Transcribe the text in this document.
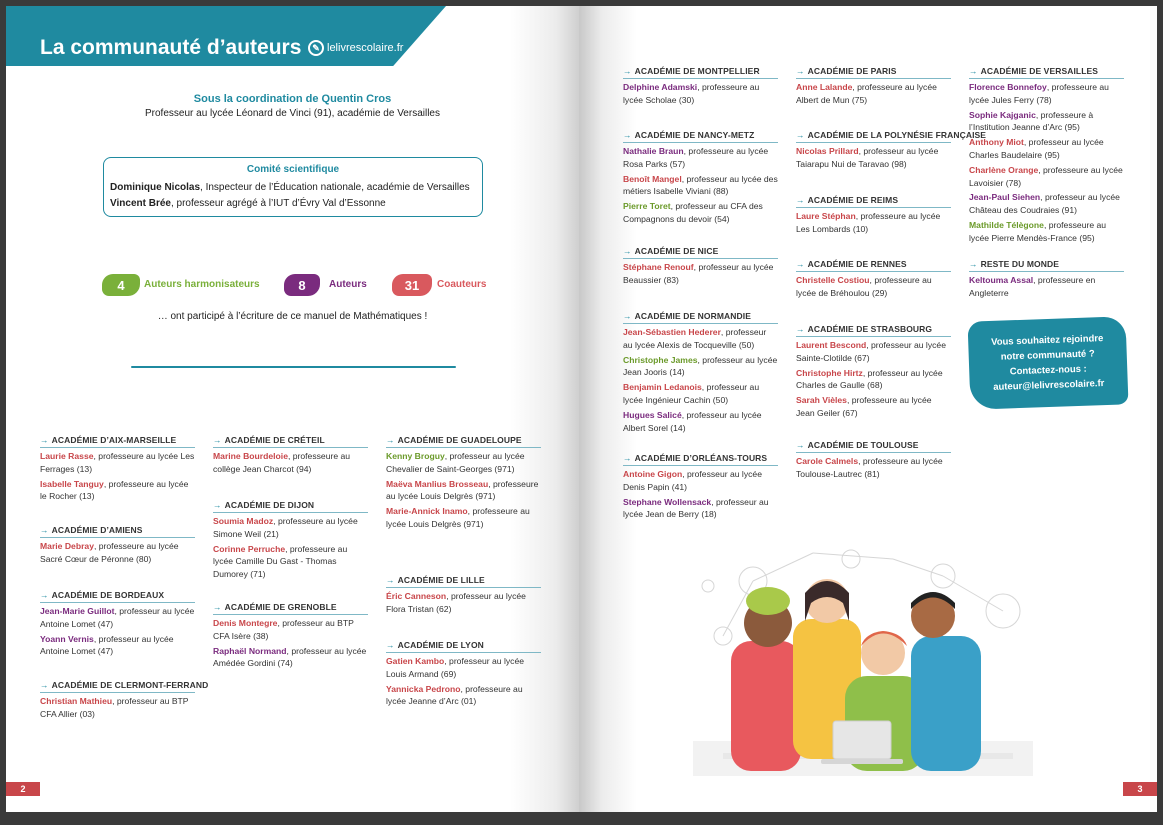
La communauté d’auteurs	✎ lelivrescolaire.fr
Sous la coordination de Quentin Cros
Professeur au lycée Léonard de Vinci (91), académie de Versailles
Comité scientifique
Dominique Nicolas, Inspecteur de l’Éducation nationale, académie de Versailles
Vincent Brée, professeur agrégé à l’IUT d’Évry Val d’Essonne
4	Auteurs harmonisateurs	8	Auteurs	31	Coauteurs
… ont participé à l’écriture de ce manuel de Mathématiques !
→ ACADÉMIE D’AIX-MARSEILLE
Laurie Rasse, professeure au lycée Les Ferrages (13)
Isabelle Tanguy, professeure au lycée le Rocher (13)
→ ACADÉMIE D’AMIENS
Marie Debray, professeure au lycée Sacré Cœur de Péronne (80)
→ ACADÉMIE DE BORDEAUX
Jean-Marie Guillot, professeur au lycée Antoine Lomet (47)
Yoann Vernis, professeur au lycée Antoine Lomet (47)
→ ACADÉMIE DE CLERMONT-FERRAND
Christian Mathieu, professeur au BTP CFA Allier (03)
→ ACADÉMIE DE CRÉTEIL
Marine Bourdeloie, professeure au collège Jean Charcot (94)
→ ACADÉMIE DE DIJON
Soumia Madoz, professeure au lycée Simone Weil (21)
Corinne Perruche, professeure au lycée Camille Du Gast - Thomas Dumorey (71)
→ ACADÉMIE DE GRENOBLE
Denis Montegre, professeur au BTP CFA Isère (38)
Raphaël Normand, professeur au lycée Amédée Gordini (74)
→ ACADÉMIE DE GUADELOUPE
Kenny Broguy, professeur au lycée Chevalier de Saint-Georges (971)
Maëva Manlius Brosseau, professeure au lycée Louis Delgrès (971)
Marie-Annick Inamo, professeure au lycée Louis Delgrès (971)
→ ACADÉMIE DE LILLE
Éric Canneson, professeur au lycée Flora Tristan (62)
→ ACADÉMIE DE LYON
Gatien Kambo, professeur au lycée Louis Armand (69)
Yannicka Pedrono, professeure au lycée Jeanne d’Arc (01)
2
→ ACADÉMIE DE MONTPELLIER
Delphine Adamski, professeure au lycée Scholae (30)
→ ACADÉMIE DE NANCY-METZ
Nathalie Braun, professeure au lycée Rosa Parks (57)
Benoît Mangel, professeur au lycée des métiers Isabelle Viviani (88)
Pierre Toret, professeur au CFA des Compagnons du devoir (54)
→ ACADÉMIE DE NICE
Stéphane Renouf, professeur au lycée Beaussier (83)
→ ACADÉMIE DE NORMANDIE
Jean-Sébastien Hederer, professeur au lycée Alexis de Tocqueville (50)
Christophe James, professeur au lycée Jean Jooris (14)
Benjamin Ledanois, professeur au lycée Ingénieur Cachin (50)
Hugues Salicé, professeur au lycée Albert Sorel (14)
→ ACADÉMIE D’ORLÉANS-TOURS
Antoine Gigon, professeur au lycée Denis Papin (41)
Stephane Wollensack, professeur au lycée Jean de Berry (18)
→ ACADÉMIE DE PARIS
Anne Lalande, professeure au lycée Albert de Mun (75)
→ ACADÉMIE DE LA POLYNÉSIE FRANÇAISE
Nicolas Prillard, professeur au lycée Taiarapu Nui de Taravao (98)
→ ACADÉMIE DE REIMS
Laure Stéphan, professeure au lycée Les Lombards (10)
→ ACADÉMIE DE RENNES
Christelle Costiou, professeure au lycée de Bréhoulou (29)
→ ACADÉMIE DE STRASBOURG
Laurent Bescond, professeur au lycée Sainte-Clotilde (67)
Christophe Hirtz, professeur au lycée Charles de Gaulle (68)
Sarah Vièles, professeure au lycée Jean Geiler (67)
→ ACADÉMIE DE TOULOUSE
Carole Calmels, professeure au lycée Toulouse-Lautrec (81)
→ ACADÉMIE DE VERSAILLES
Florence Bonnefoy, professeure au lycée Jules Ferry (78)
Sophie Kajganic, professeure à l’Institution Jeanne d’Arc (95)
Anthony Miot, professeur au lycée Charles Baudelaire (95)
Charlène Orange, professeure au lycée Lavoisier (78)
Jean-Paul Siehen, professeur au lycée Château des Coudraies (91)
Mathilde Télègone, professeure au lycée Pierre Mendès-France (95)
→ RESTE DU MONDE
Keltouma Assal, professeure en Angleterre
Vous souhaitez rejoindre
notre communauté ?
Contactez-nous :
auteur@lelivrescolaire.fr
3
